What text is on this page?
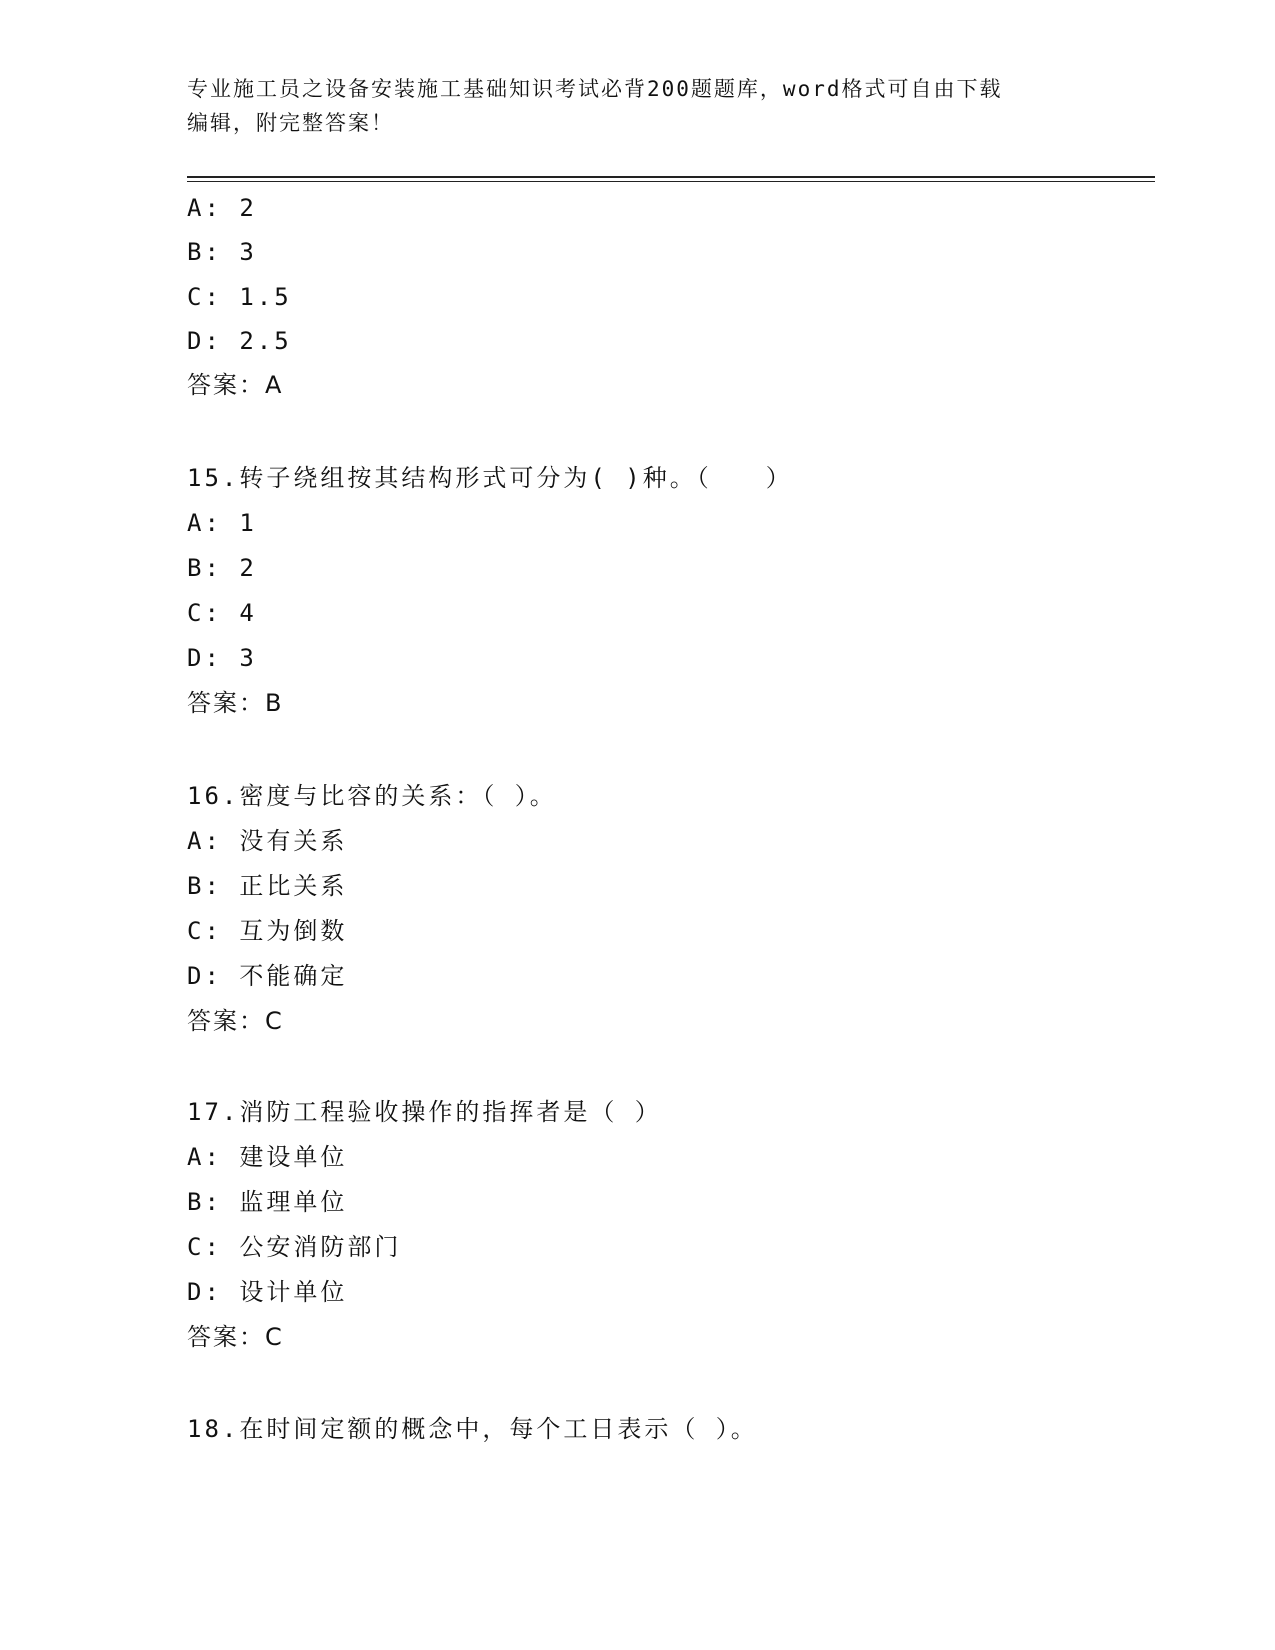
专业施工员之设备安装施工基础知识考试必背200题题库，word格式可自由下载
编辑，附完整答案！
A: 2
B: 3
C: 1.5
D: 2.5
答案：A
15.转子绕组按其结构形式可分为( )种。（　　）
A: 1
B: 2
C: 4
D: 3
答案：B
16.密度与比容的关系：（ ）。
A: 没有关系
B: 正比关系
C: 互为倒数
D: 不能确定
答案：C
17.消防工程验收操作的指挥者是（ ）
A: 建设单位
B: 监理单位
C: 公安消防部门
D: 设计单位
答案：C
18.在时间定额的概念中，每个工日表示（ ）。
